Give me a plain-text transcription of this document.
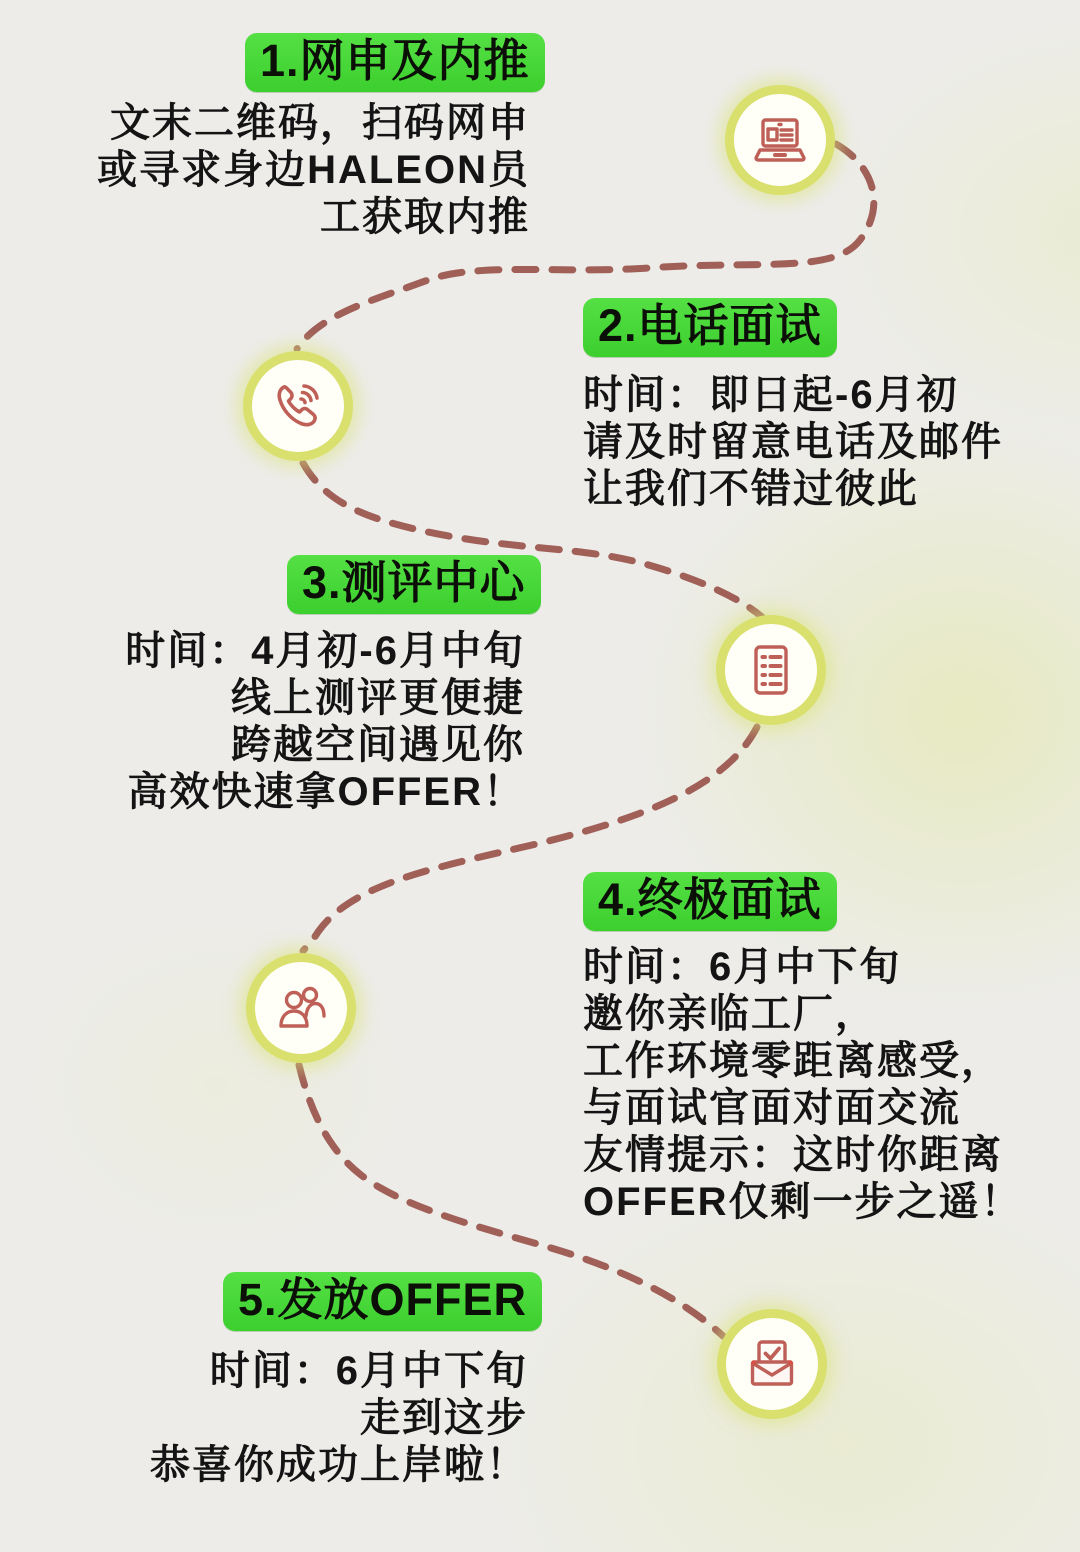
1.网申及内推
文末二维码，扫码网申
或寻求身边HALEON员
工获取内推
2.电话面试
时间：即日起-6月初
请及时留意电话及邮件
让我们不错过彼此
3.测评中心
时间：4月初-6月中旬
线上测评更便捷
跨越空间遇见你
高效快速拿OFFER！
4.终极面试
时间：6月中下旬
邀你亲临工厂，
工作环境零距离感受，
与面试官面对面交流
友情提示：这时你距离
OFFER仅剩一步之遥！
5.发放OFFER
时间：6月中下旬
走到这步
恭喜你成功上岸啦！
